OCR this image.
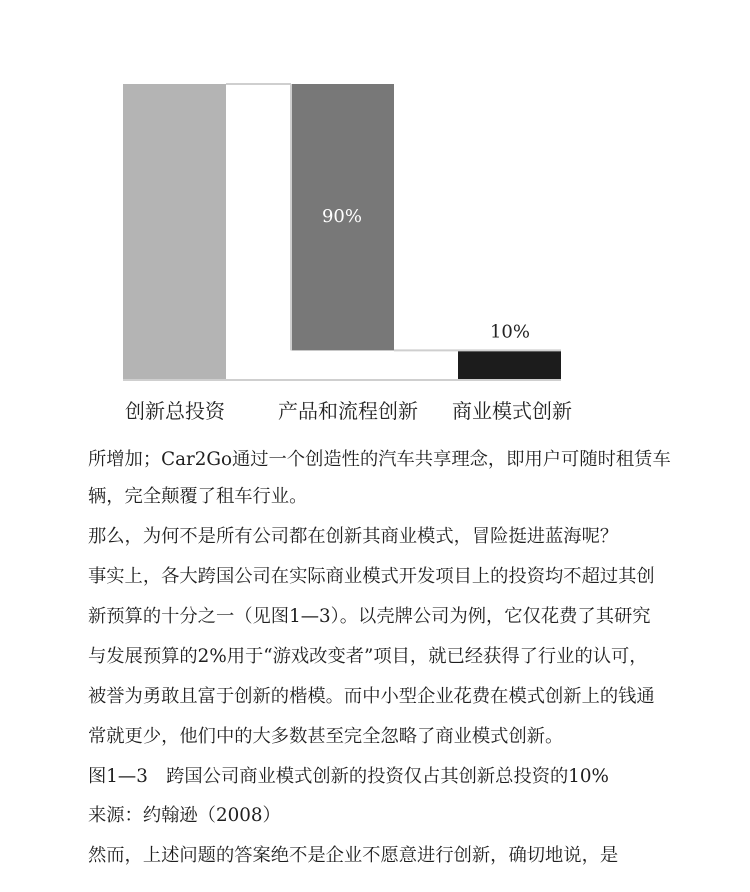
创新总投资	产品和流程创新 商业模式创新
90%
10%
所增加；Car2Go通过一个创造性的汽车共享理念，即用户可随时租赁车
辆，完全颠覆了租车行业。
那么，为何不是所有公司都在创新其商业模式，冒险挺进蓝海呢？
事实上，各大跨国公司在实际商业模式开发项目上的投资均不超过其创
新预算的十分之一（见图1—3）。以壳牌公司为例，它仅花费了其研究
与发展预算的2%用于“游戏改变者”项目，就已经获得了行业的认可，
被誉为勇敢且富于创新的楷模。而中小型企业花费在模式创新上的钱通
常就更少，他们中的大多数甚至完全忽略了商业模式创新。
图1—3　跨国公司商业模式创新的投资仅占其创新总投资的10%
来源：约翰逊（2008）
然而，上述问题的答案绝不是企业不愿意进行创新，确切地说，是
